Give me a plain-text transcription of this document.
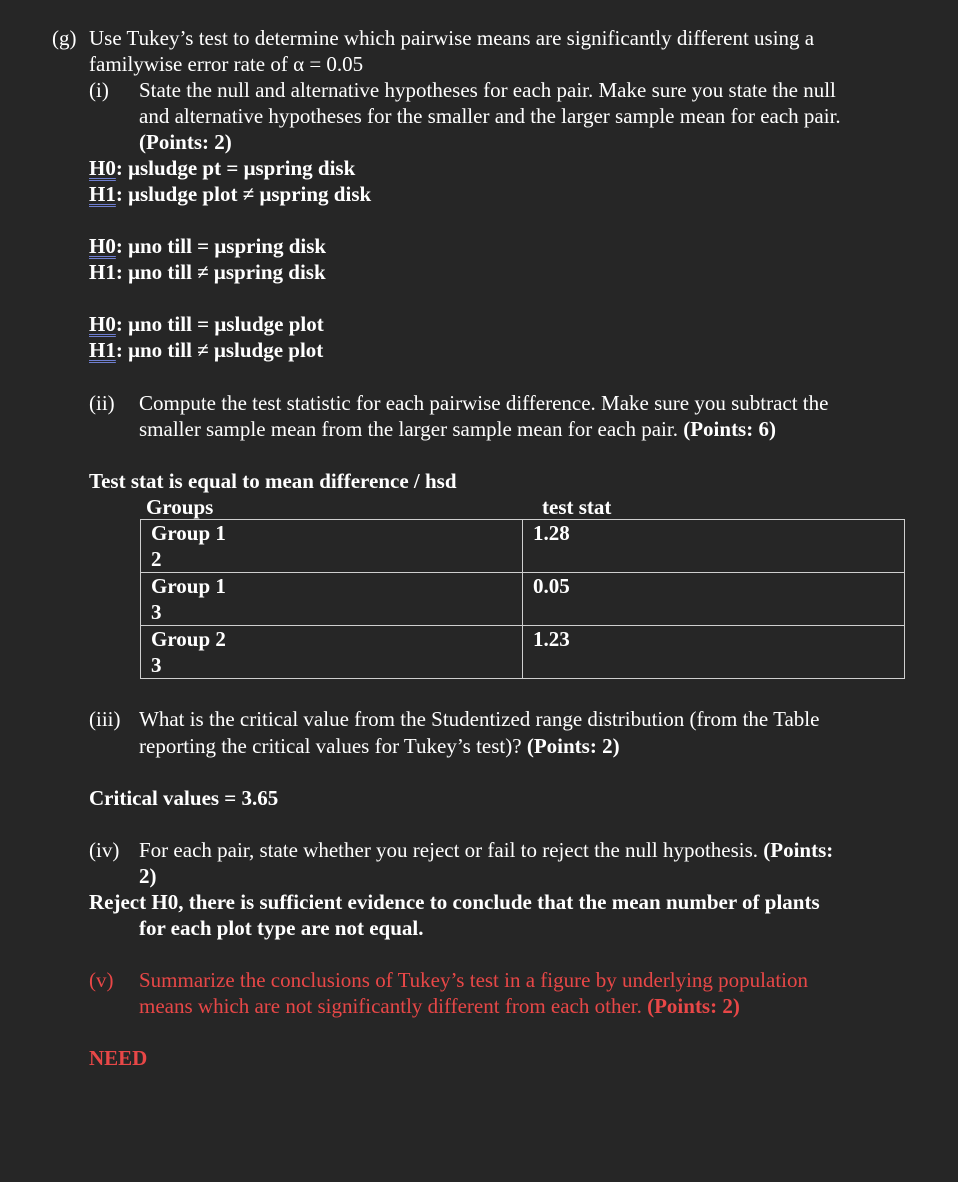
(g) Use Tukey’s test to determine which pairwise means are significantly different using a
familywise error rate of α = 0.05
(i) State the null and alternative hypotheses for each pair. Make sure you state the null
and alternative hypotheses for the smaller and the larger sample mean for each pair.
(Points: 2)
H0: μsludge pt = μspring disk
H1: μsludge plot ≠ μspring disk
H0: μno till = μspring disk
H1: μno till ≠ μspring disk
H0: μno till = μsludge plot
H1: μno till ≠ μsludge plot
(ii) Compute the test statistic for each pairwise difference. Make sure you subtract the
smaller sample mean from the larger sample mean for each pair. (Points: 6)
Test stat is equal to mean difference / hsd
Groups	test stat
Group 1
2	1.28

Group 1
3	0.05

Group 2
3	1.23
(iii) What is the critical value from the Studentized range distribution (from the Table
reporting the critical values for Tukey’s test)? (Points: 2)
Critical values = 3.65
(iv) For each pair, state whether you reject or fail to reject the null hypothesis. (Points:
2)
Reject H0, there is sufficient evidence to conclude that the mean number of plants
for each plot type are not equal.
(v) Summarize the conclusions of Tukey’s test in a figure by underlying population
means which are not significantly different from each other. (Points: 2)
NEED
